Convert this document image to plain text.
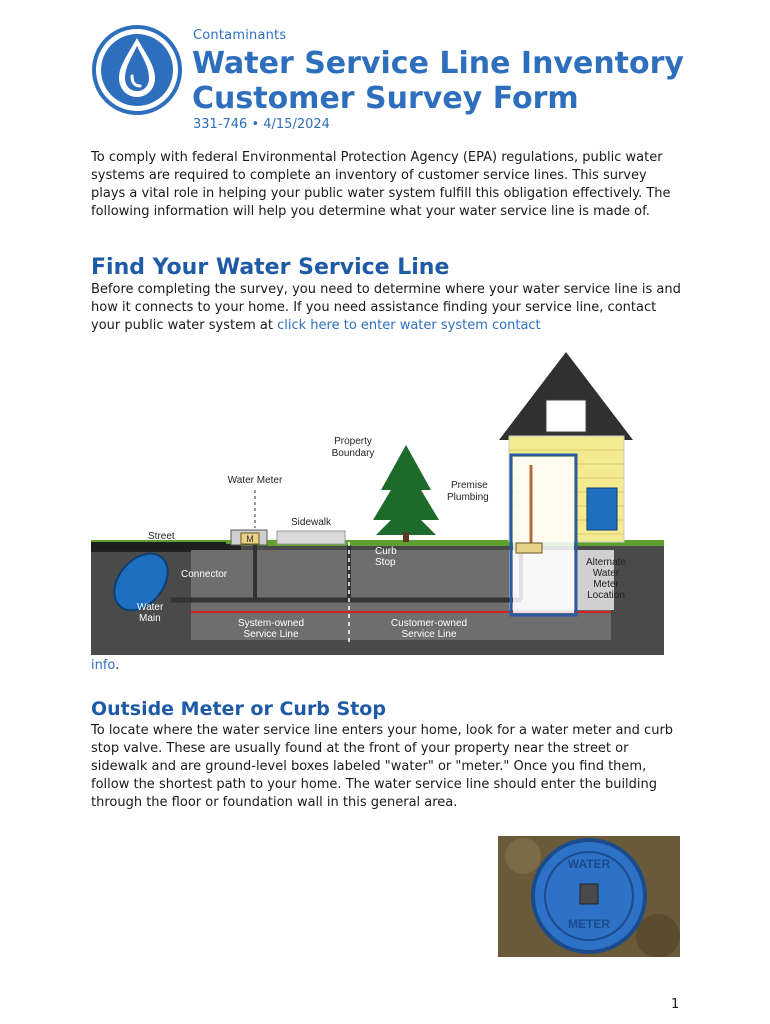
Contaminants
Water Service Line Inventory
Customer Survey Form
331-746 • 4/15/2024

To comply with federal Environmental Protection Agency (EPA) regulations, public water systems are required to complete an inventory of customer service lines. This survey plays a vital role in helping your public water system fulfill this obligation effectively. The following information will help you determine what your water service line is made of.

Find Your Water Service Line

Before completing the survey, you need to determine where your water service line is and how it connects to your home. If you need assistance finding your service line, contact your public water system at click here to enter water system contact

M
Property
Boundary
Water Meter
Sidewalk
Street
Premise
Plumbing
Curb
Stop
Connector
Water
Main	System-owned
Service Line
Customer-owned
Service Line
Alternate
Water
Meter
Location

info.

Outside Meter or Curb Stop

To locate where the water service line enters your home, look for a water meter and curb stop valve. These are usually found at the front of your property near the street or sidewalk and are ground-level boxes labeled "water" or "meter." Once you find them, follow the shortest path to your home. The water service line should enter the building through the floor or foundation wall in this general area.

WATER
METER
1
